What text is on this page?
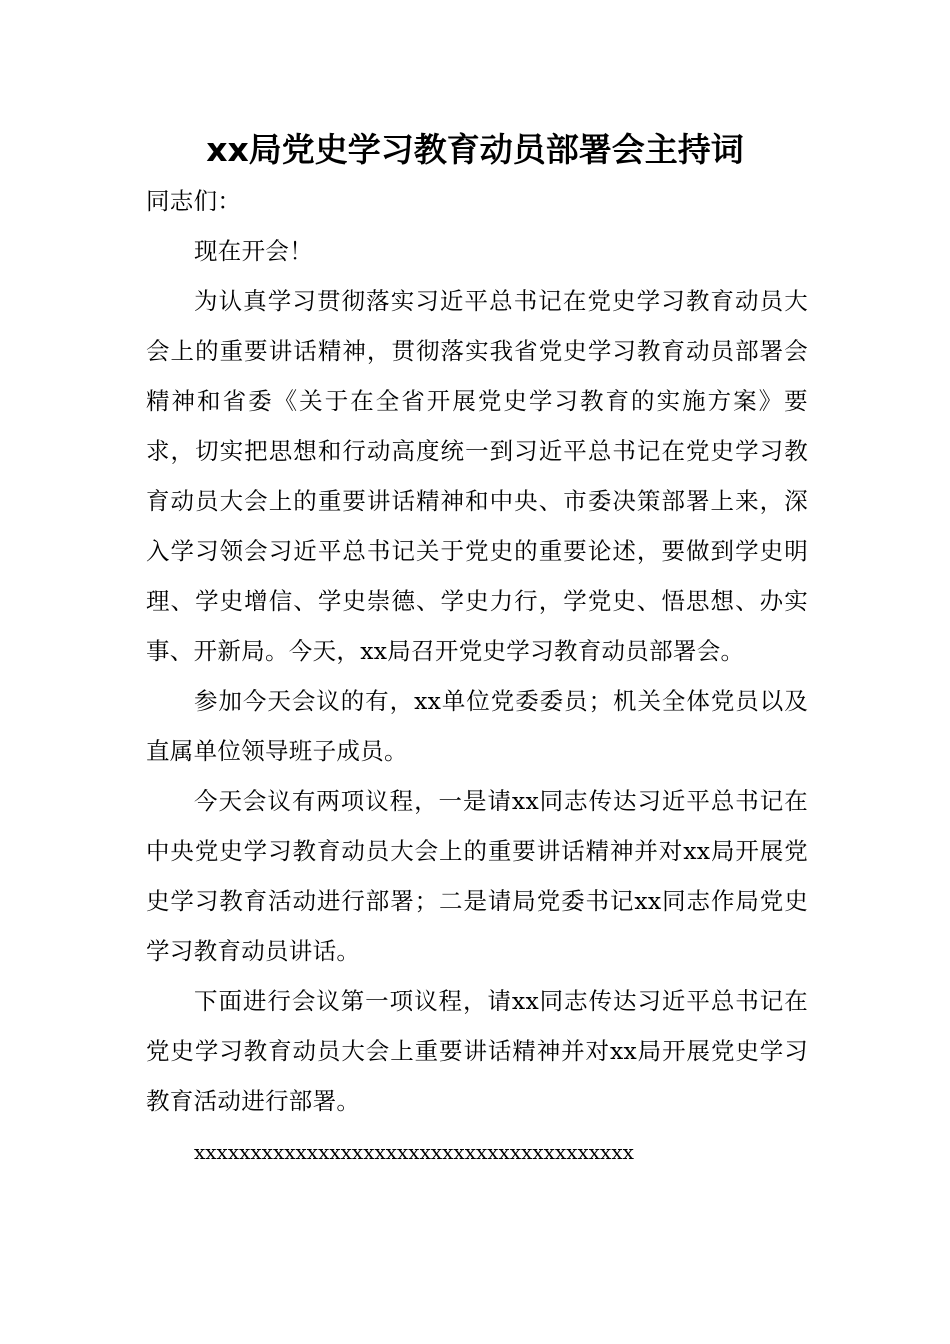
xx局党史学习教育动员部署会主持词

同志们：

现在开会！

为认真学习贯彻落实习近平总书记在党史学习教育动员大会上的重要讲话精神，贯彻落实我省党史学习教育动员部署会精神和省委《关于在全省开展党史学习教育的实施方案》要求，切实把思想和行动高度统一到习近平总书记在党史学习教育动员大会上的重要讲话精神和中央、市委决策部署上来，深入学习领会习近平总书记关于党史的重要论述，要做到学史明理、学史增信、学史崇德、学史力行，学党史、悟思想、办实事、开新局。今天，xx局召开党史学习教育动员部署会。

参加今天会议的有，xx单位党委委员；机关全体党员以及直属单位领导班子成员。

今天会议有两项议程，一是请xx同志传达习近平总书记在中央党史学习教育动员大会上的重要讲话精神并对xx局开展党史学习教育活动进行部署；二是请局党委书记xx同志作局党史学习教育动员讲话。

下面进行会议第一项议程，请xx同志传达习近平总书记在党史学习教育动员大会上重要讲话精神并对xx局开展党史学习教育活动进行部署。

xxxxxxxxxxxxxxxxxxxxxxxxxxxxxxxxxxxxxxx
